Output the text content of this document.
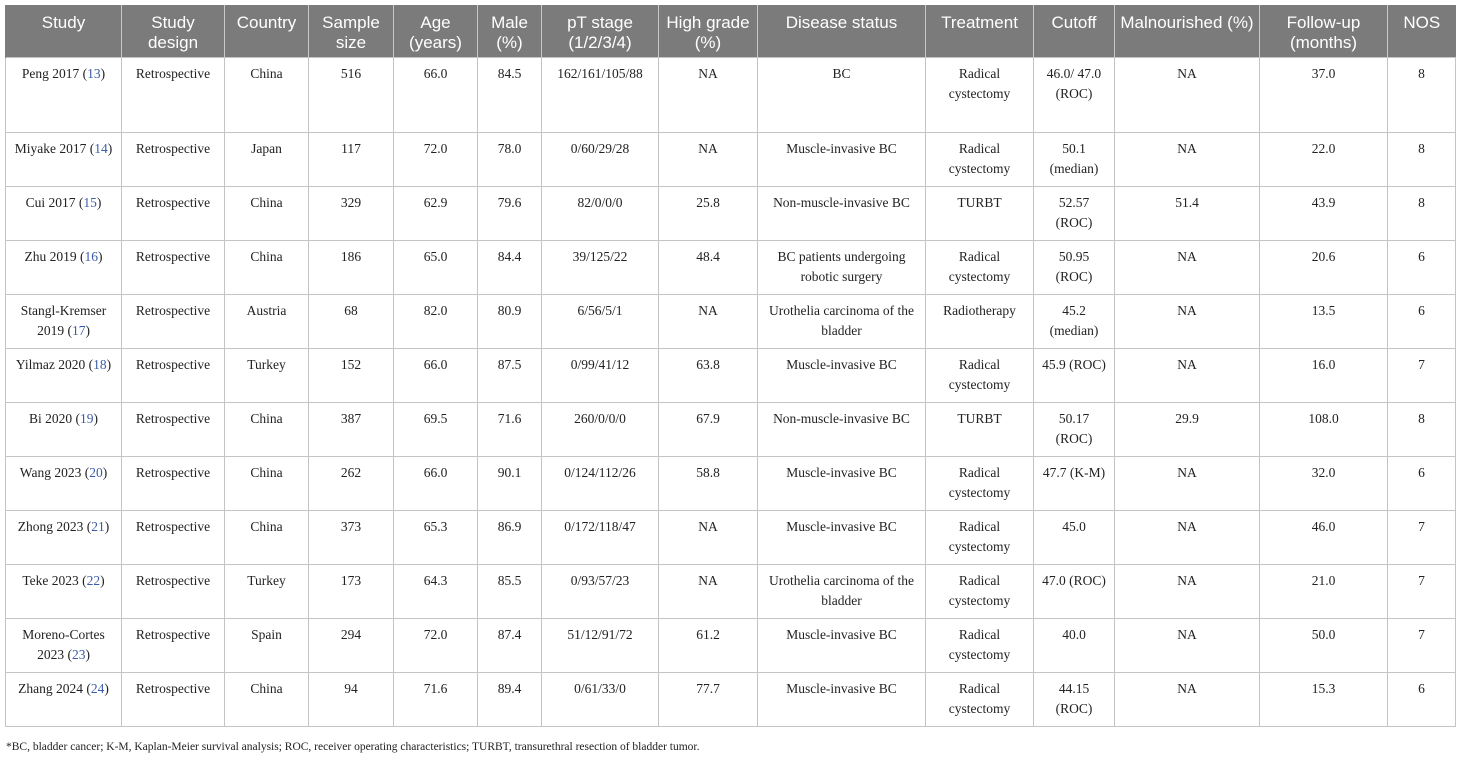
Study	Study design	Country	Sample size	Age (years)	Male (%)	pT stage (1/2/3/4)	High grade (%)	Disease status	Treatment	Cutoff	Malnourished (%)	Follow-up (months)	NOS
Peng 2017 (13)	Retrospective	China	516	66.0	84.5	162/161/105/88	NA	BC	Radical cystectomy	46.0/ 47.0 (ROC)	NA	37.0	8
Miyake 2017 (14)	Retrospective	Japan	117	72.0	78.0	0/60/29/28	NA	Muscle-invasive BC	Radical cystectomy	50.1 (median)	NA	22.0	8
Cui 2017 (15)	Retrospective	China	329	62.9	79.6	82/0/0/0	25.8	Non-muscle-invasive BC	TURBT	52.57 (ROC)	51.4	43.9	8
Zhu 2019 (16)	Retrospective	China	186	65.0	84.4	39/125/22	48.4	BC patients undergoing robotic surgery	Radical cystectomy	50.95 (ROC)	NA	20.6	6
Stangl-Kremser 2019 (17)	Retrospective	Austria	68	82.0	80.9	6/56/5/1	NA	Urothelia carcinoma of the bladder	Radiotherapy	45.2 (median)	NA	13.5	6
Yilmaz 2020 (18)	Retrospective	Turkey	152	66.0	87.5	0/99/41/12	63.8	Muscle-invasive BC	Radical cystectomy	45.9 (ROC)	NA	16.0	7
Bi 2020 (19)	Retrospective	China	387	69.5	71.6	260/0/0/0	67.9	Non-muscle-invasive BC	TURBT	50.17 (ROC)	29.9	108.0	8
Wang 2023 (20)	Retrospective	China	262	66.0	90.1	0/124/112/26	58.8	Muscle-invasive BC	Radical cystectomy	47.7 (K-M)	NA	32.0	6
Zhong 2023 (21)	Retrospective	China	373	65.3	86.9	0/172/118/47	NA	Muscle-invasive BC	Radical cystectomy	45.0	NA	46.0	7
Teke 2023 (22)	Retrospective	Turkey	173	64.3	85.5	0/93/57/23	NA	Urothelia carcinoma of the bladder	Radical cystectomy	47.0 (ROC)	NA	21.0	7
Moreno-Cortes 2023 (23)	Retrospective	Spain	294	72.0	87.4	51/12/91/72	61.2	Muscle-invasive BC	Radical cystectomy	40.0	NA	50.0	7
Zhang 2024 (24)	Retrospective	China	94	71.6	89.4	0/61/33/0	77.7	Muscle-invasive BC	Radical cystectomy	44.15 (ROC)	NA	15.3	6
*BC, bladder cancer; K-M, Kaplan-Meier survival analysis; ROC, receiver operating characteristics; TURBT, transurethral resection of bladder tumor.
